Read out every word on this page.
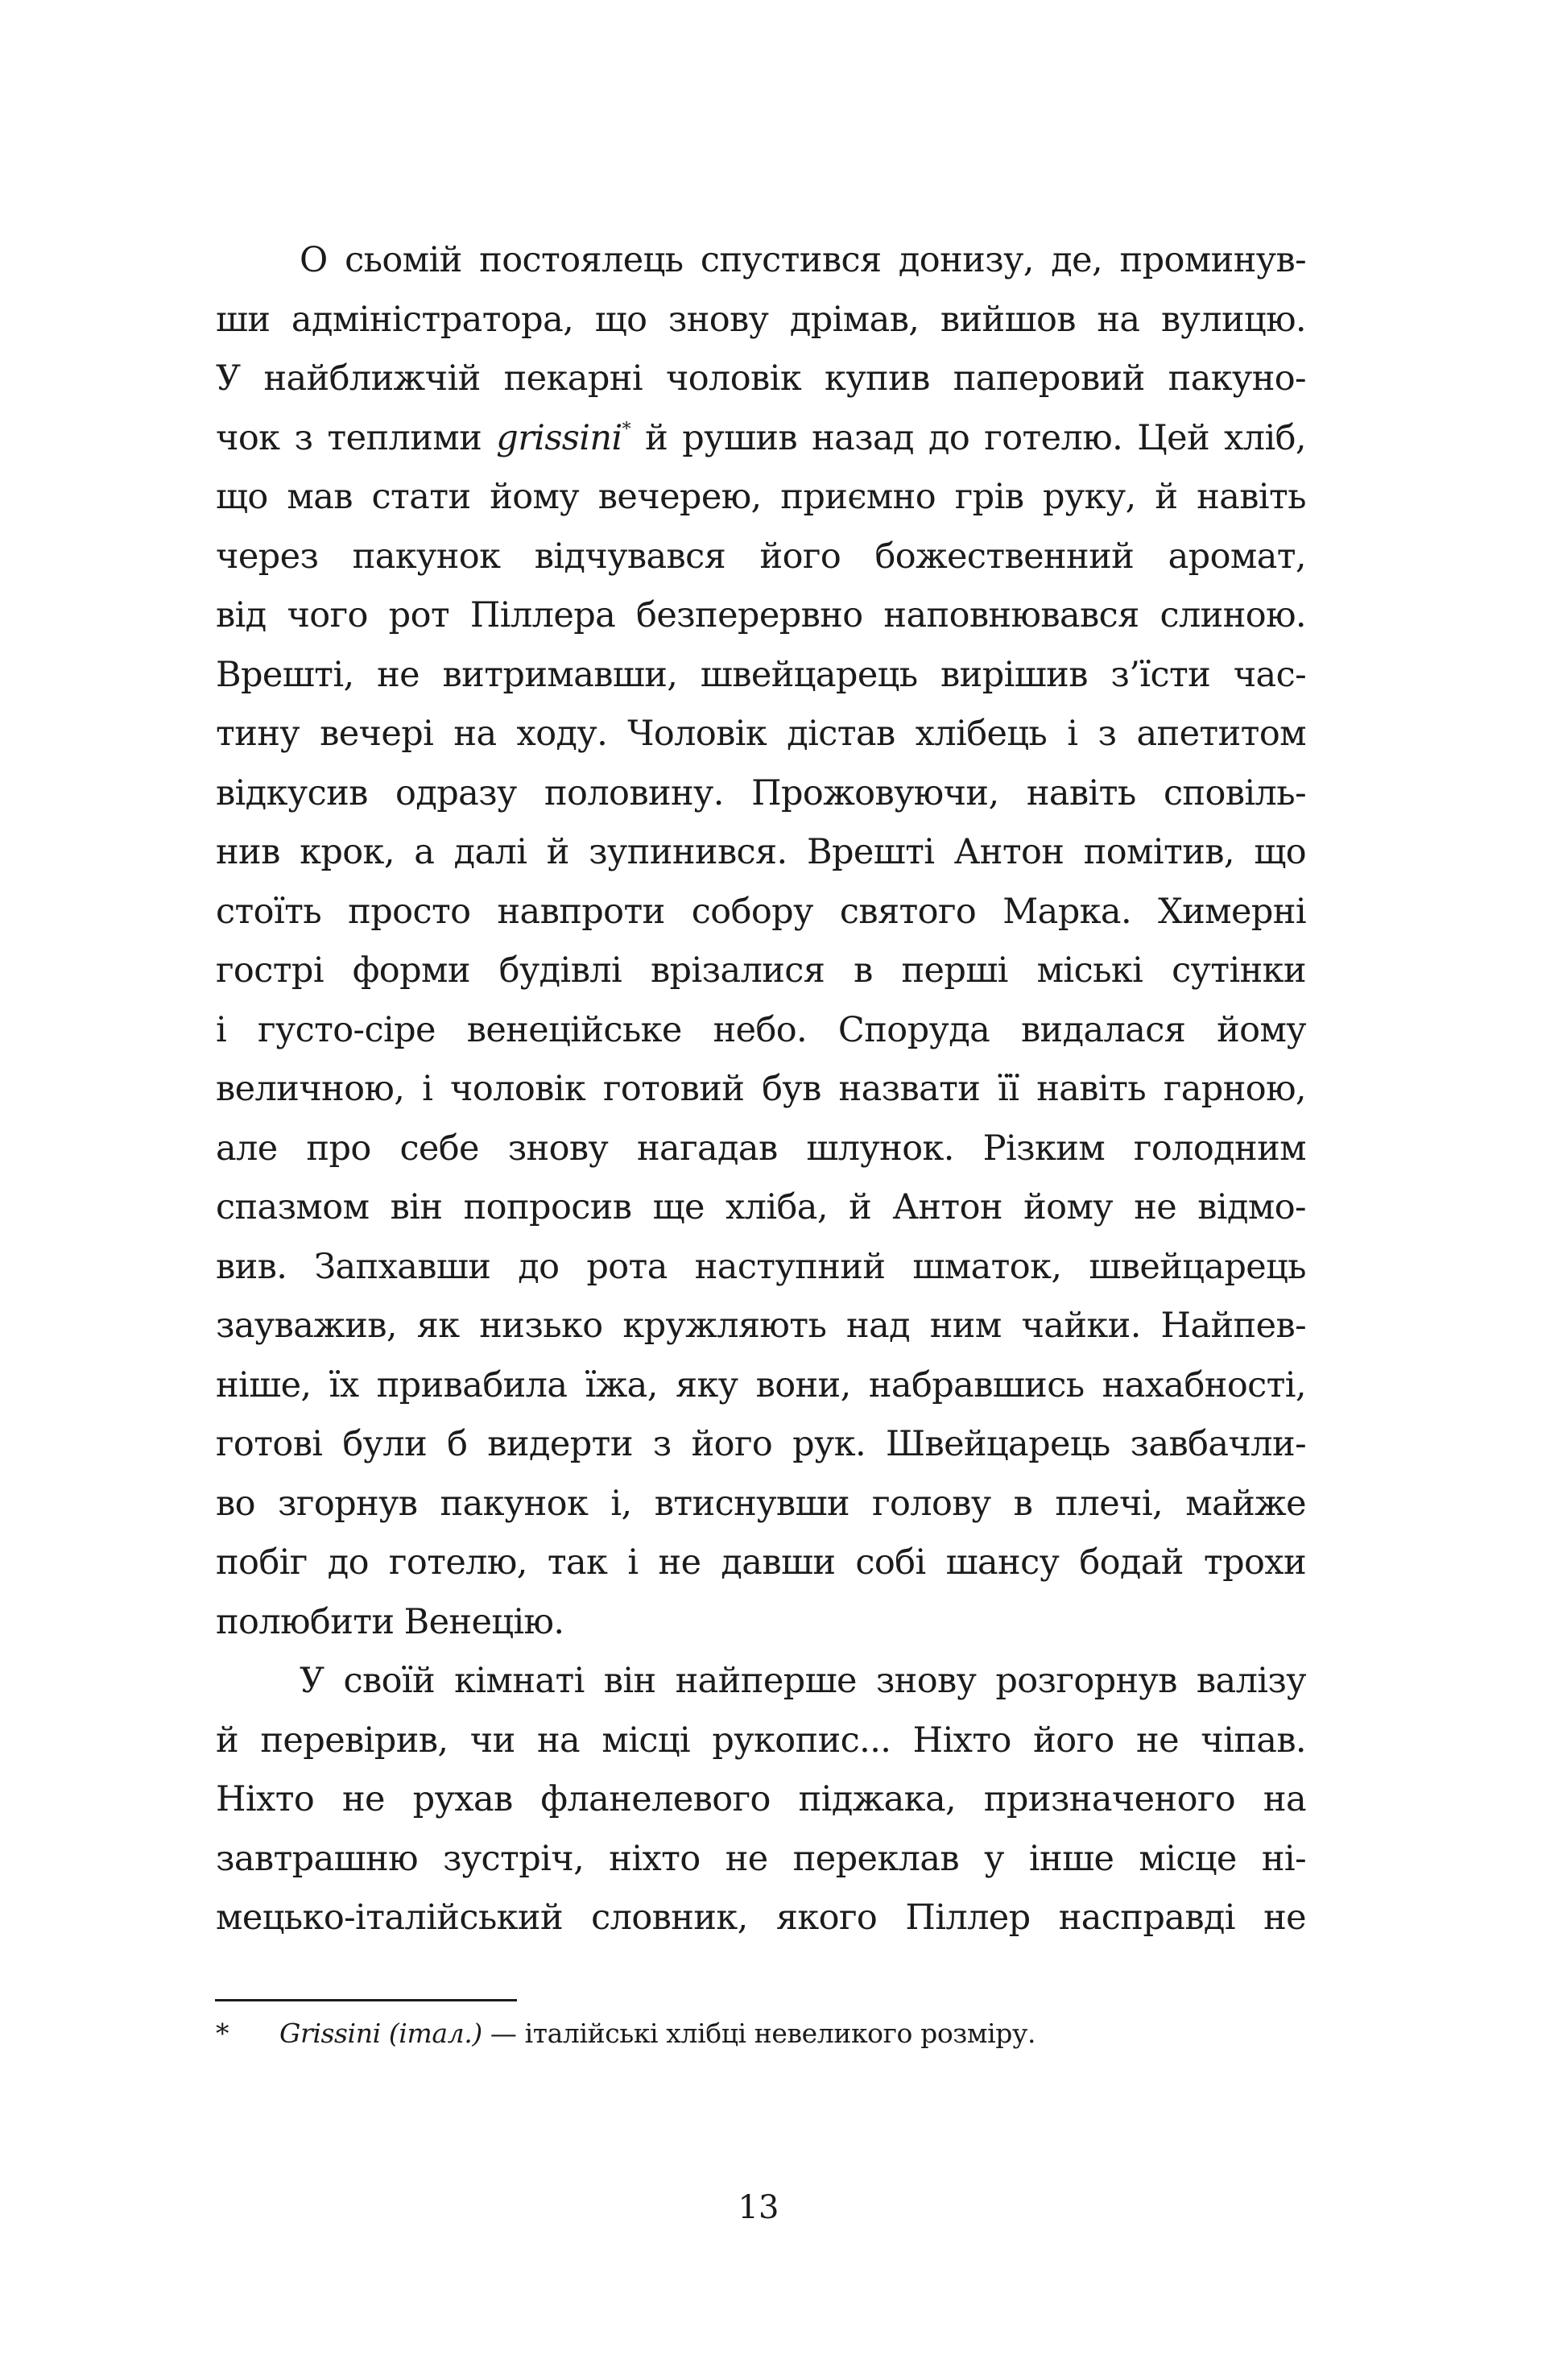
О сьомій постоялець спустився донизу, де, проминув-
ши адміністратора, що знову дрімав, вийшов на вулицю.
У найближчій пекарні чоловік купив паперовий пакуно-
чок з теплими grissini* й рушив назад до готелю. Цей хліб,
що мав стати йому вечерею, приємно грів руку, й навіть
через пакунок відчувався його божественний аромат,
від чого рот Піллера безперервно наповнювався слиною.
Врешті, не витримавши, швейцарець вирішив з’їсти час-
тину вечері на ходу. Чоловік дістав хлібець і з апетитом
відкусив одразу половину. Прожовуючи, навіть сповіль-
нив крок, а далі й зупинився. Врешті Антон помітив, що
стоїть просто навпроти собору святого Марка. Химерні
гострі форми будівлі врізалися в перші міські сутінки
і густо-сіре венеційське небо. Споруда видалася йому
величною, і чоловік готовий був назвати її навіть гарною,
але про себе знову нагадав шлунок. Різким голодним
спазмом він попросив ще хліба, й Антон йому не відмо-
вив. Запхавши до рота наступний шматок, швейцарець
зауважив, як низько кружляють над ним чайки. Найпев-
ніше, їх привабила їжа, яку вони, набравшись нахабності,
готові були б видерти з його рук. Швейцарець завбачли-
во згорнув пакунок і, втиснувши голову в плечі, майже
побіг до готелю, так і не давши собі шансу бодай трохи
полюбити Венецію.
У своїй кімнаті він найперше знову розгорнув валізу
й перевірив, чи на місці рукопис... Ніхто його не чіпав.
Ніхто не рухав фланелевого піджака, призначеного на
завтрашню зустріч, ніхто не переклав у інше місце ні-
мецько-італійський словник, якого Піллер насправді не
* Grissini (італ.) — італійські хлібці невеликого розміру.
13
